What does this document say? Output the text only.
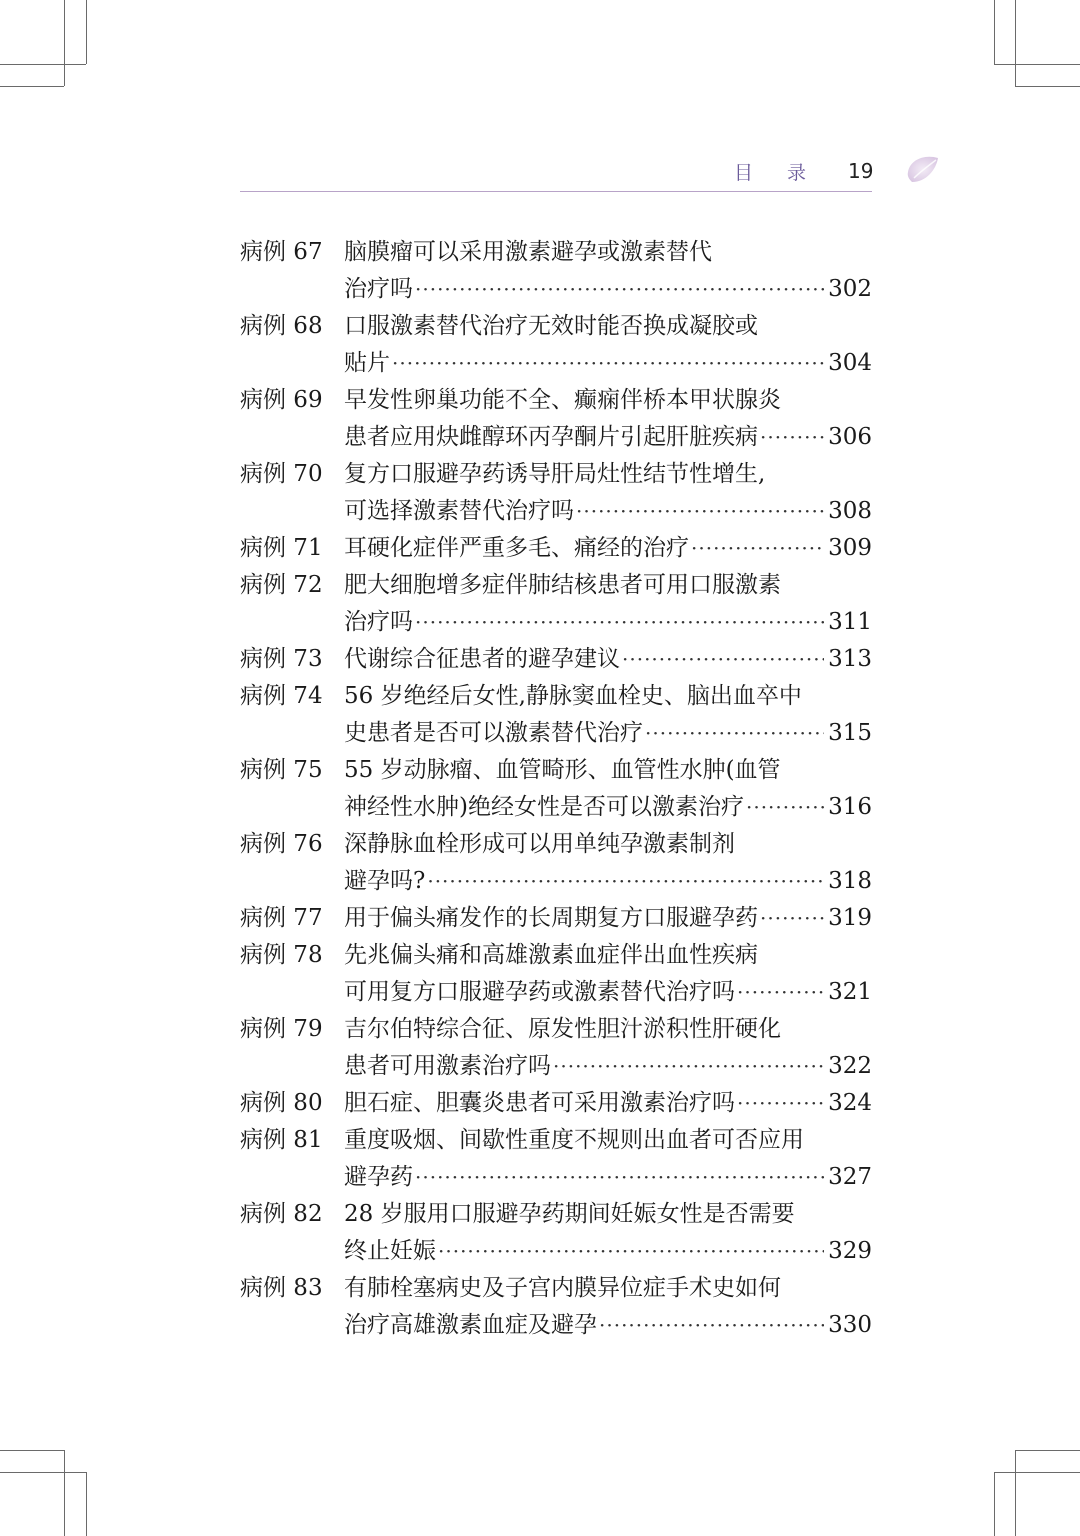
目录 19
病例 67 脑膜瘤可以采用激素避孕或激素替代
治疗吗 ·····	302
病例 68 口服激素替代治疗无效时能否换成凝胶或
贴片 ·····	304
病例 69 早发性卵巢功能不全、癫痫伴桥本甲状腺炎
患者应用炔雌醇环丙孕酮片引起肝脏疾病 ·····	306
病例 70 复方口服避孕药诱导肝局灶性结节性增生,
可选择激素替代治疗吗 ·····	308
病例 71 耳硬化症伴严重多毛、痛经的治疗 ·····	309
病例 72 肥大细胞增多症伴肺结核患者可用口服激素
治疗吗 ·····	311
病例 73 代谢综合征患者的避孕建议 ·····	313
病例 74 56 岁绝经后女性,静脉窦血栓史、脑出血卒中
史患者是否可以激素替代治疗 ·····	315
病例 75 55 岁动脉瘤、血管畸形、血管性水肿(血管
神经性水肿)绝经女性是否可以激素治疗 ·····	316
病例 76 深静脉血栓形成可以用单纯孕激素制剂
避孕吗? ·····	318
病例 77 用于偏头痛发作的长周期复方口服避孕药 ·····	319
病例 78 先兆偏头痛和高雄激素血症伴出血性疾病
可用复方口服避孕药或激素替代治疗吗 ·····	321
病例 79 吉尔伯特综合征、原发性胆汁淤积性肝硬化
患者可用激素治疗吗 ·····	322
病例 80 胆石症、胆囊炎患者可采用激素治疗吗 ·····	324
病例 81 重度吸烟、间歇性重度不规则出血者可否应用
避孕药 ·····	327
病例 82 28 岁服用口服避孕药期间妊娠女性是否需要
终止妊娠 ·····	329
病例 83 有肺栓塞病史及子宫内膜异位症手术史如何
治疗高雄激素血症及避孕 ·····	330
